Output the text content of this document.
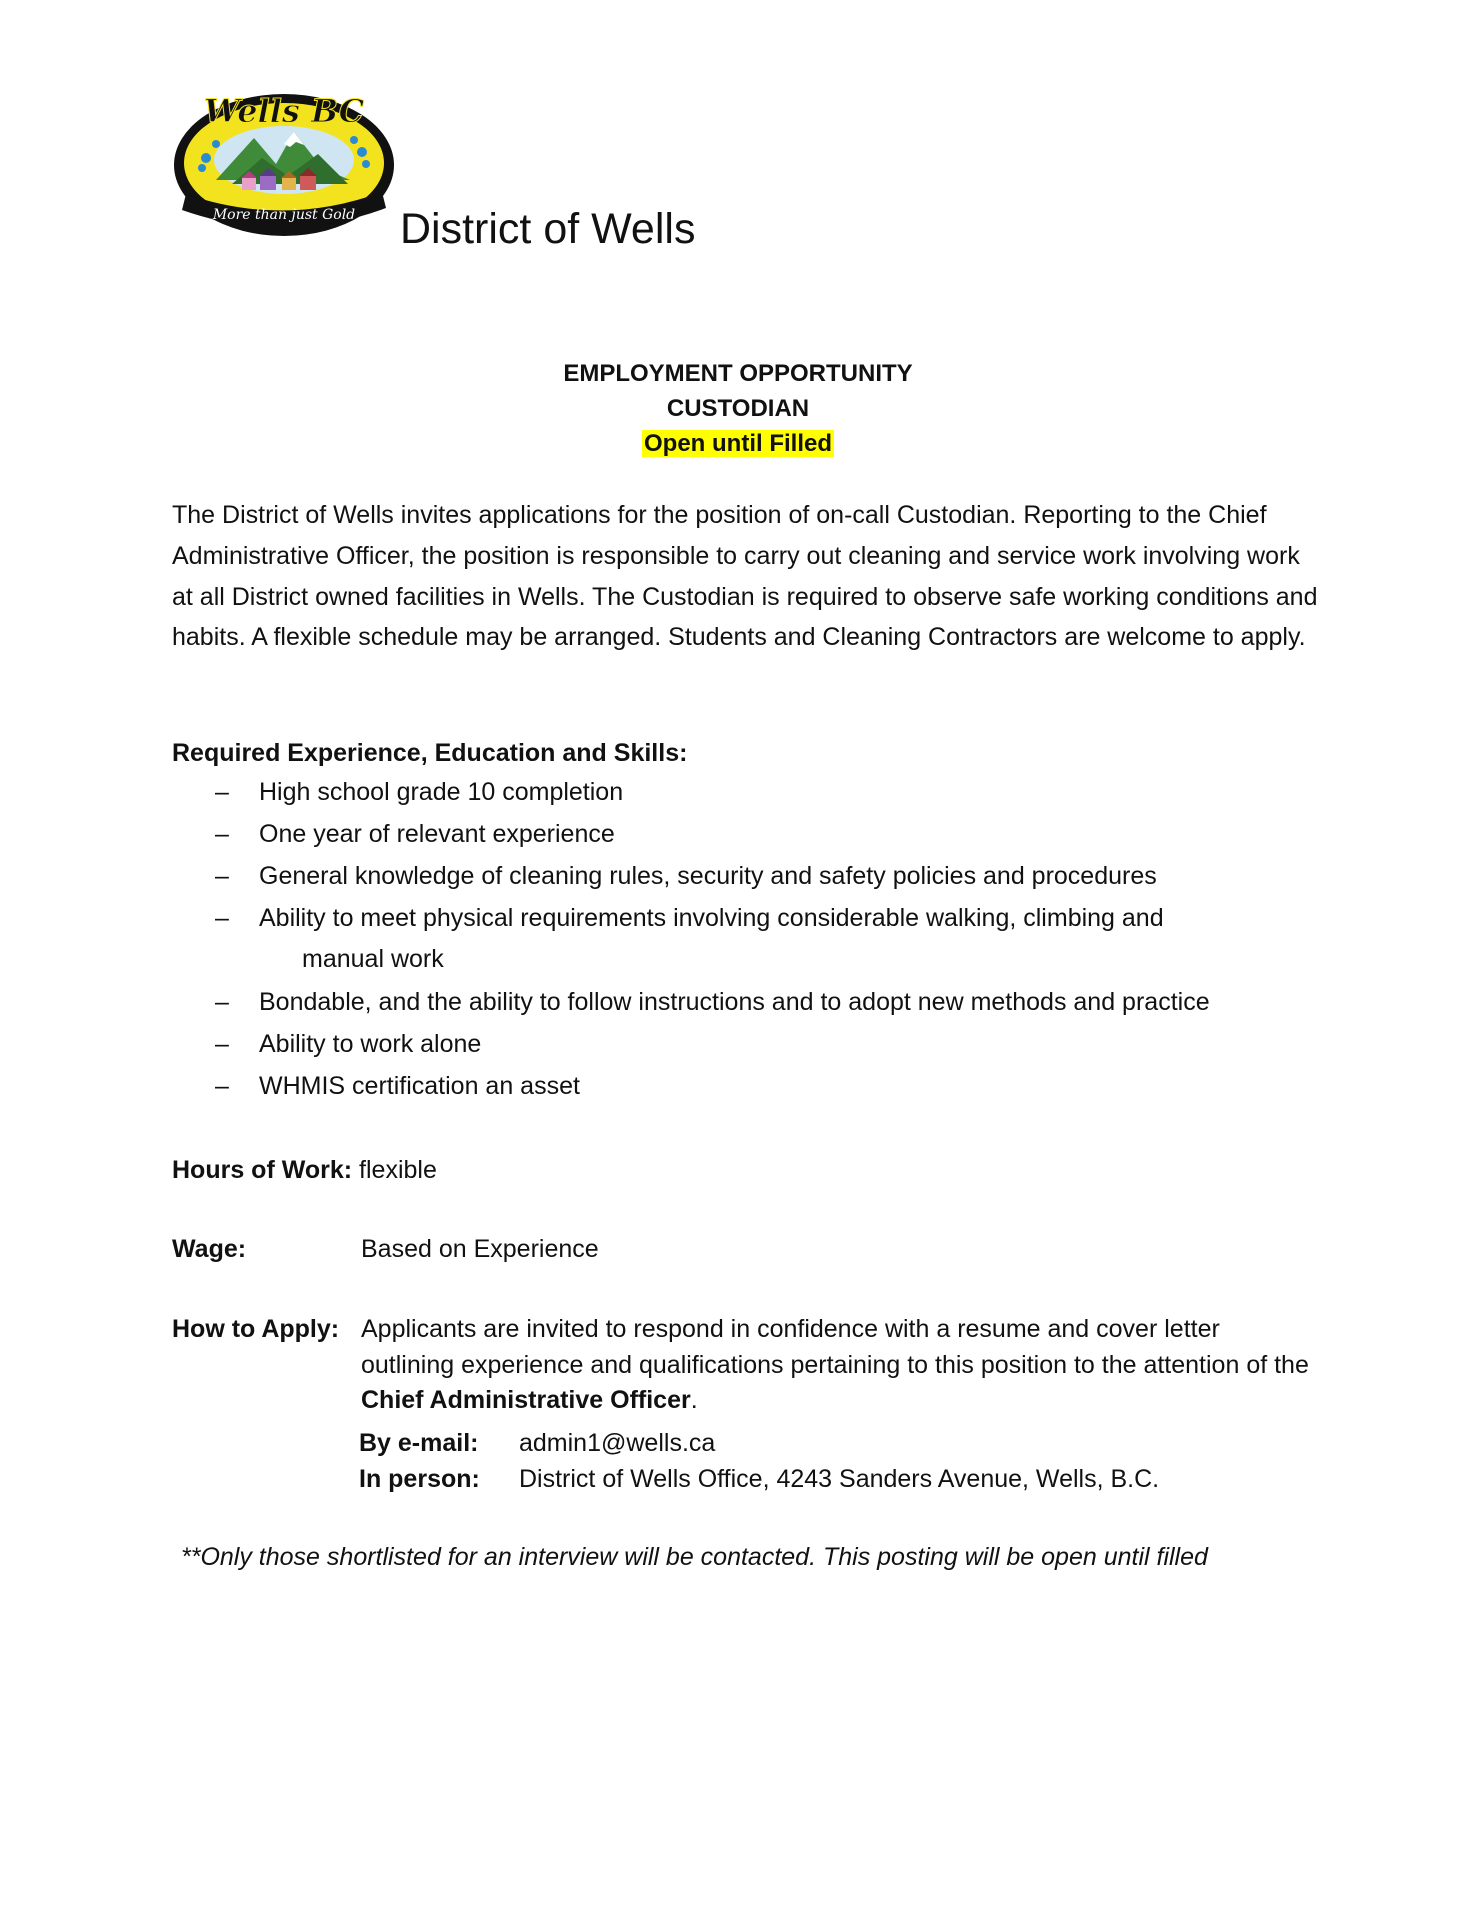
Wells BC
More than just Gold District of Wells
EMPLOYMENT OPPORTUNITY
CUSTODIAN
Open until Filled
The District of Wells invites applications for the position of on-call Custodian. Reporting to the Chief Administrative Officer, the position is responsible to carry out cleaning and service work involving work at all District owned facilities in Wells. The Custodian is required to observe safe working conditions and habits. A flexible schedule may be arranged. Students and Cleaning Contractors are welcome to apply.
Required Experience, Education and Skills:
– High school grade 10 completion
– One year of relevant experience
– General knowledge of cleaning rules, security and safety policies and procedures
– Ability to meet physical requirements involving considerable walking, climbing and
manual work
– Bondable, and the ability to follow instructions and to adopt new methods and practice
– Ability to work alone
– WHMIS certification an asset
Hours of Work: flexible
Wage:	Based on Experience
How to Apply: Applicants are invited to respond in confidence with a resume and cover letter outlining experience and qualifications pertaining to this position to the attention of the Chief Administrative Officer.
By e-mail: admin1@wells.ca
In person: District of Wells Office, 4243 Sanders Avenue, Wells, B.C.
**Only those shortlisted for an interview will be contacted. This posting will be open until filled
